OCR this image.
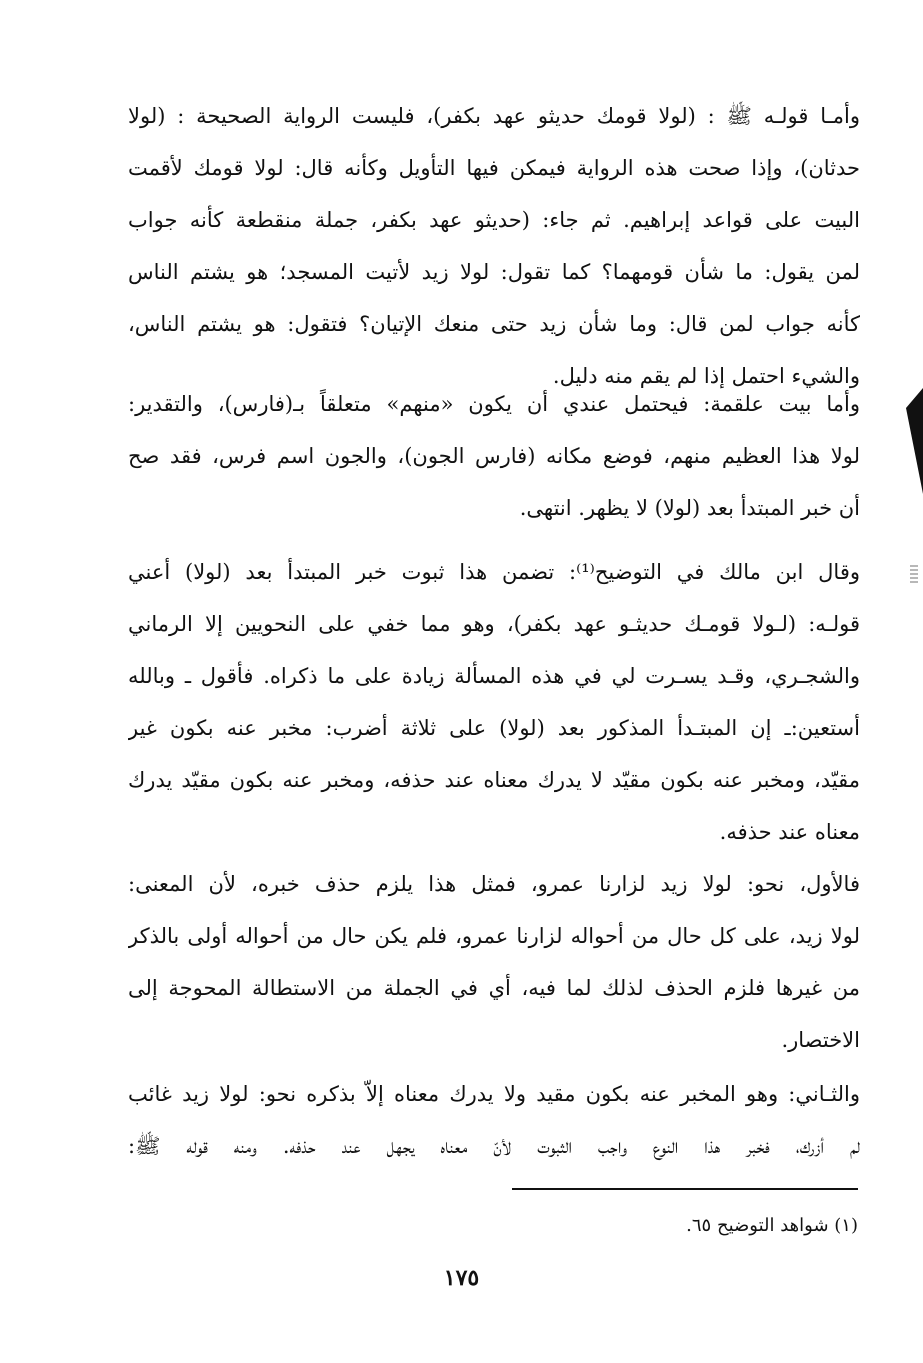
وأمـا قولـه ﷺ : (لولا قومك حديثو عهد بكفر)، فليست الرواية الصحيحة : (لولا
حدثان)، وإذا صحت هذه الرواية فيمكن فيها التأويل وكأنه قال: لولا قومك لأقمت
البيت على قواعد إبراهيم. ثم جاء: (حديثو عهد بكفر، جملة منقطعة كأنه جواب
لمن يقول: ما شأن قومهما؟ كما تقول: لولا زيد لأتيت المسجد؛ هو يشتم الناس
كأنه جواب لمن قال: وما شأن زيد حتى منعك الإتيان؟ فتقول: هو يشتم الناس،
والشيء احتمل إذا لم يقم منه دليل.
وأما بيت علقمة: فيحتمل عندي أن يكون «منهم» متعلقاً بـ(فارس)، والتقدير:
لولا هذا العظيم منهم، فوضع مكانه (فارس الجون)، والجون اسم فرس، فقد صح
أن خبر المبتدأ بعد (لولا) لا يظهر. انتهى.
وقال ابن مالك في التوضيح⁽¹⁾: تضمن هذا ثبوت خبر المبتدأ بعد (لولا) أعني
قولـه: (لـولا قومـك حديثـو عهد بكفر)، وهو مما خفي على النحويين إلا الرماني
والشجـري، وقـد يسـرت لي في هذه المسألة زيادة على ما ذكراه. فأقول ـ وبالله
أستعين:ـ إن المبتـدأ المذكور بعد (لولا) على ثلاثة أضرب: مخبر عنه بكون غير
مقيّد، ومخبر عنه بكون مقيّد لا يدرك معناه عند حذفه، ومخبر عنه بكون مقيّد يدرك
معناه عند حذفه.
فالأول، نحو: لولا زيد لزارنا عمرو، فمثل هذا يلزم حذف خبره، لأن المعنى:
لولا زيد، على كل حال من أحواله لزارنا عمرو، فلم يكن حال من أحواله أولى بالذكر
من غيرها فلزم الحذف لذلك لما فيه، أي في الجملة من الاستطالة المحوجة إلى
الاختصار.
والثـاني: وهو المخبر عنه بكون مقيد ولا يدرك معناه إلاّ بذكره نحو: لولا زيد غائب
لم أزرك، فخبر هذا النوع واجب الثبوت لأنّ معناه يجهل عند حذفه. ومنه قوله ﷺ:
(١) شواهد التوضيح ٦٥.
١٧٥
